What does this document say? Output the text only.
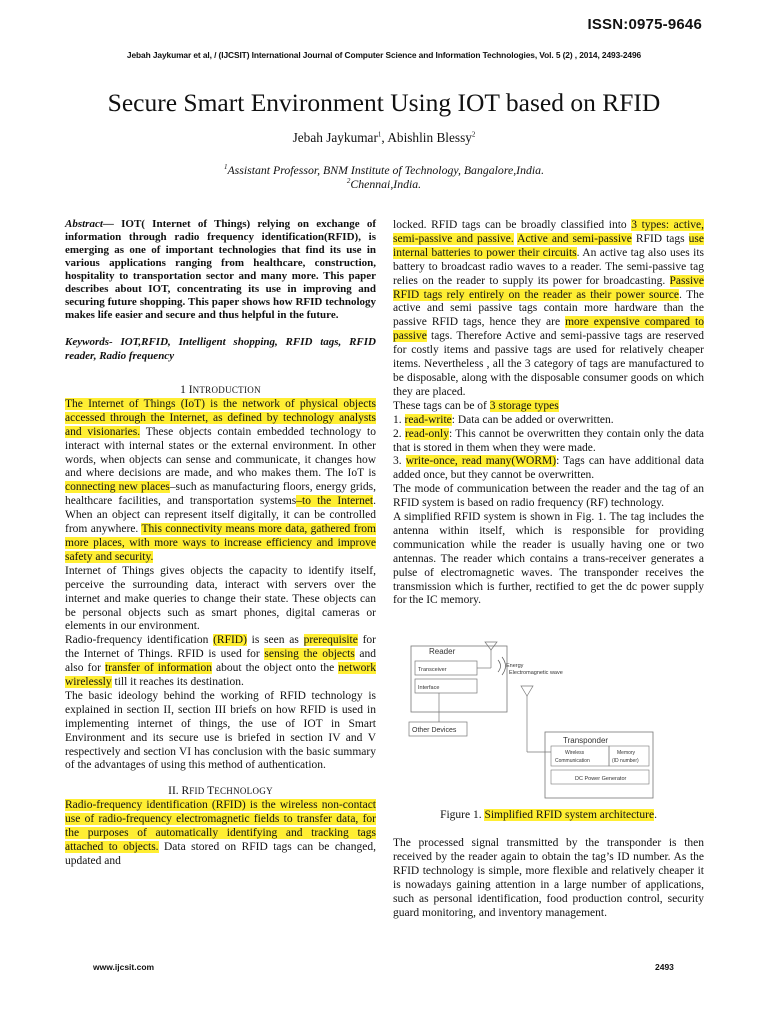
ISSN:0975-9646
Jebah Jaykumar et al, / (IJCSIT) International Journal of Computer Science and Information Technologies, Vol. 5 (2) , 2014, 2493-2496
Secure Smart Environment Using IOT based on RFID
Jebah Jaykumar$^1$, Abishlin Blessy$^2$
$^1$Assistant Professor, BNM Institute of Technology, Bangalore,India.
$^2$Chennai,India.

Abstract— IOT( Internet of Things) relying on exchange of information through radio frequency identification(RFID), is emerging as one of important technologies that find its use in various applications ranging from healthcare, construction, hospitality to transportation sector and many more. This paper describes about IOT, concentrating its use in improving and securing future shopping. This paper shows how RFID technology makes life easier and secure and thus helpful in the future.

Keywords- IOT,RFID, Intelligent shopping, RFID tags, RFID reader, Radio frequency

1 INTRODUCTION

The Internet of Things (IoT) is the network of physical objects accessed through the Internet, as defined by technology analysts and visionaries. These objects contain embedded technology to interact with internal states or the external environment. In other words, when objects can sense and communicate, it changes how and where decisions are made, and who makes them. The IoT is connecting new places–such as manufacturing floors, energy grids, healthcare facilities, and transportation systems–to the Internet. When an object can represent itself digitally, it can be controlled from anywhere. This connectivity means more data, gathered from more places, with more ways to increase efficiency and improve safety and security.

Internet of Things gives objects the capacity to identify itself, perceive the surrounding data, interact with servers over the internet and make queries to change their state. These objects can be personal objects such as smart phones, digital cameras or elements in our environment.

Radio-frequency identification (RFID) is seen as prerequisite for the Internet of Things. RFID is used for sensing the objects and also for transfer of information about the object onto the network wirelessly till it reaches its destination.

The basic ideology behind the working of RFID technology is explained in section II, section III briefs on how RFID is used in implementing internet of things, the use of IOT in Smart Environment and its secure use is briefed in section IV and V respectively and section VI has conclusion with the basic summary of the advantages of using this method of authentication.

II. RFID TECHNOLOGY

Radio-frequency identification (RFID) is the wireless non-contact use of radio-frequency electromagnetic fields to transfer data, for the purposes of automatically identifying and tracking tags attached to objects. Data stored on RFID tags can be changed, updated and

locked. RFID tags can be broadly classified into 3 types: active, semi-passive and passive. Active and semi-passive RFID tags use internal batteries to power their circuits. An active tag also uses its battery to broadcast radio waves to a reader. The semi-passive tag relies on the reader to supply its power for broadcasting. Passive RFID tags rely entirely on the reader as their power source. The active and semi passive tags contain more hardware than the passive RFID tags, hence they are more expensive compared to passive tags. Therefore Active and semi-passive tags are reserved for costly items and passive tags are used for relatively cheaper items. Nevertheless , all the 3 category of tags are manufactured to be disposable, along with the disposable consumer goods on which they are placed.

These tags can be of 3 storage types

1. read-write: Data can be added or overwritten.

2. read-only: This cannot be overwritten they contain only the data that is stored in them when they were made.

3. write-once, read many(WORM): Tags can have additional data added once, but they cannot be overwritten.

The mode of communication between the reader and the tag of an RFID system is based on radio frequency (RF) technology.

A simplified RFID system is shown in Fig. 1. The tag includes the antenna within itself, which is responsible for providing communication while the reader is usually having one or two antennas. The reader which contains a trans-receiver generates a pulse of electromagnetic waves. The transponder receives the transmission which is further, rectified to get the dc power supply for the IC memory.

Reader
Transceiver
Interface
Energy
Electromagnetic wave
Other Devices
Transponder
Wireless
Communication
Memory
(ID number)
DC Power Generator
Figure 1. Simplified RFID system architecture.

The processed signal transmitted by the transponder is then received by the reader again to obtain the tag’s ID number. As the RFID technology is simple, more flexible and relatively cheaper it is nowadays gaining attention in a large number of applications, such as personal identification, food production control, security guard monitoring, and inventory management.

www.ijcsit.com	2493
